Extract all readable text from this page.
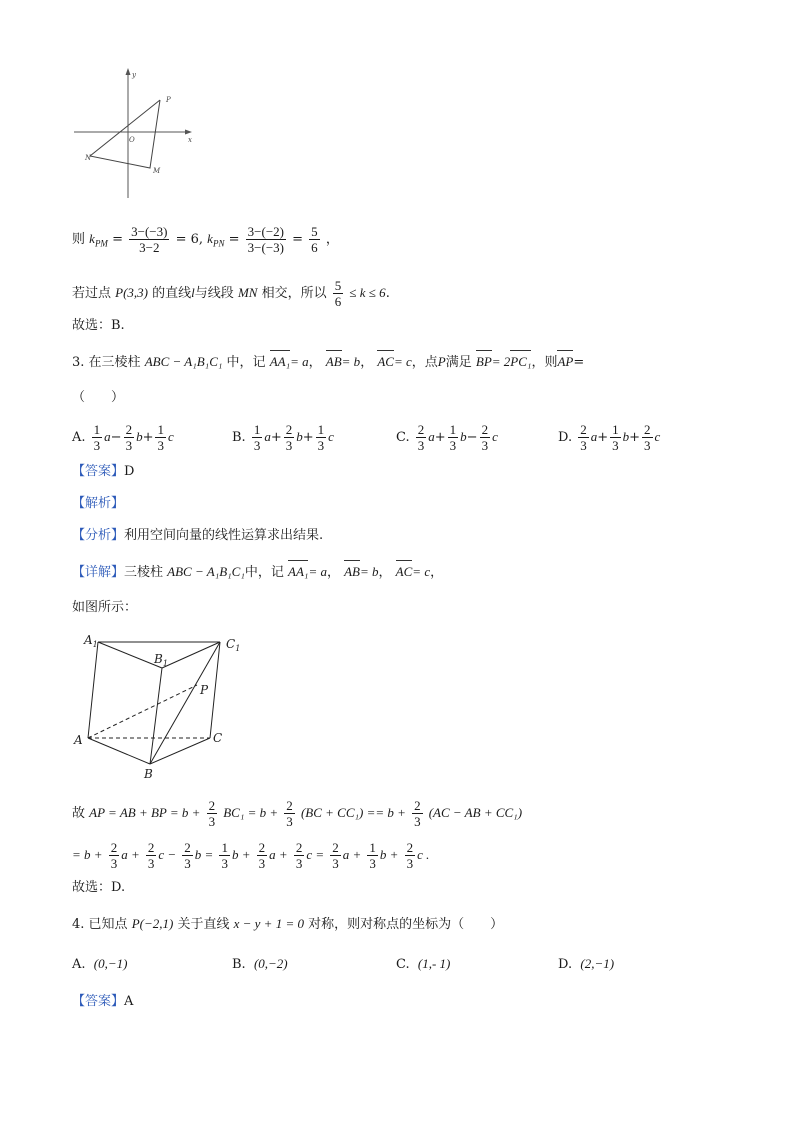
y
x
O
P
N
M
则 $k_{PM} = \frac{3-(-3)}{3-2} = 6$, $k_{PN} = \frac{3-(-2)}{3-(-3)} = \frac{5}{6}$ ，
若过点 P(3,3) 的直线l与线段 MN 相交，所以 $\frac{5}{6} \le k \le 6$.
故选：B.
3. 在三棱柱 ABC − A₁B₁C₁ 中，记 AA₁= a， AB= b， AC= c，点P满足 BP= 2PC₁，则AP=
（　　）
A. $\frac{1}{3} a- \frac{2}{3} b+ \frac{1}{3}$ c	B. $\frac{1}{3} a+ \frac{2}{3} b+ \frac{1}{3}$ c	C. $\frac{2}{3} a+ \frac{1}{3} b- \frac{2}{3}$ c	D. $\frac{2}{3} a+ \frac{1}{3} b+ \frac{2}{3}$ c
【答案】D
【解析】
【分析】利用空间向量的线性运算求出结果.
【详解】三棱柱 ABC − A₁B₁C₁中，记 AA₁= a， AB= b， AC= c，
如图所示：
$A_1$
$B_1$
$C_1$
P
A
B
C
故 AP = AB + BP = $b + \frac{2}{3} BC_1 = b + \frac{2}{3} (BC + CC_1) == b + \frac{2}{3} (AC$ − AB + CC₁)
= $b + \frac{2}{3}$ $a + \frac{2}{3}$ $c - \frac{2}{3}$ $b = \frac{1}{3}$ $b + \frac{2}{3}$ $a + \frac{2}{3}$ $c = \frac{2}{3}$ $a + \frac{1}{3}$ $b + \frac{2}{3}$ c .
故选：D.
4. 已知点 P(−2,1) 关于直线 x − y + 1 = 0 对称，则对称点的坐标为（　　）
A. (0,−1)	B. (0,−2)	C. (1,- 1)	D. (2,−1)
【答案】A
